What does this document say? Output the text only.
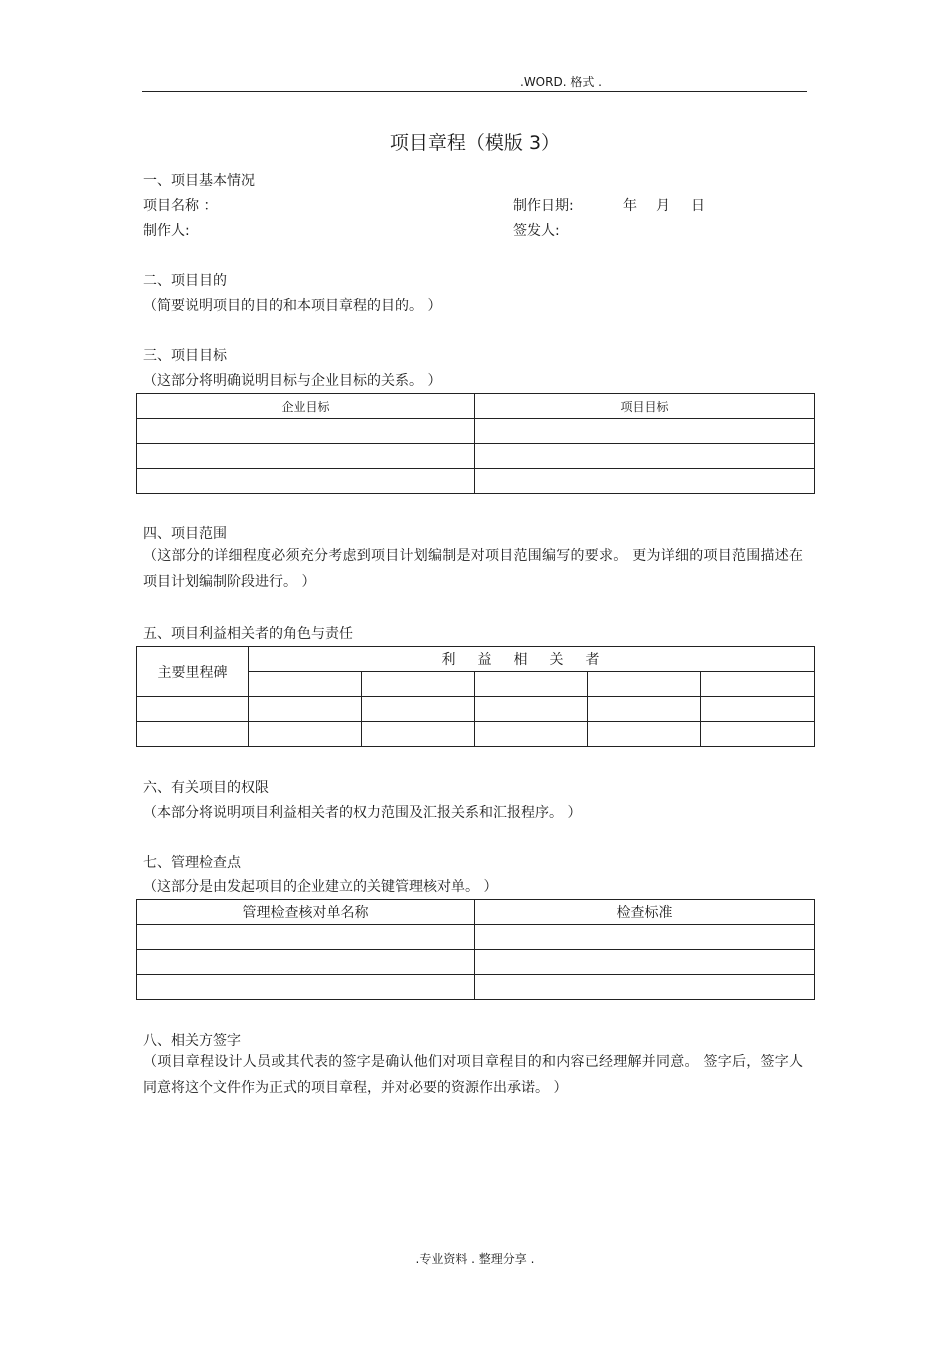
.WORD. 格式 .
项目章程（模版 3）
一、项目基本情况
项目名称 ：	制作日期:	年 月 日
制作人:	签发人:
二、项目目的
（简要说明项目的目的和本项目章程的目的。 ）
三、项目目标
（这部分将明确说明目标与企业目标的关系。 ）
企业目标	项目目标

四、项目范围
（这部分的详细程度必须充分考虑到项目计划编制是对项目范围编写的要求。 更为详细的项目范围描述在项目计划编制阶段进行。 ）
五、项目利益相关者的角色与责任
主要里程碑	利益相关者				

六、有关项目的权限
（本部分将说明项目利益相关者的权力范围及汇报关系和汇报程序。 ）
七、管理检查点
（这部分是由发起项目的企业建立的关键管理核对单。 ）
管理检查核对单名称	检查标准

八、相关方签字
（项目章程设计人员或其代表的签字是确认他们对项目章程目的和内容已经理解并同意。 签字后，签字人同意将这个文件作为正式的项目章程，并对必要的资源作出承诺。 ）
.专业资料 . 整理分享 .
